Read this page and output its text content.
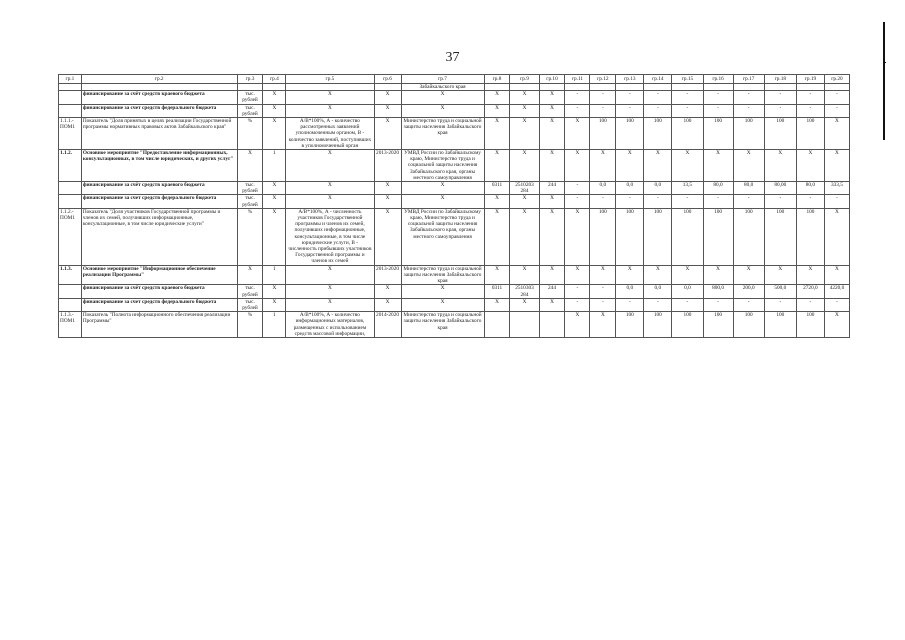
37
гр.1	гр.2	гр.3	гр.4	гр.5	гр.6	гр.7	гр.8	гр.9	гр.10	гр.11	гр.12	гр.13	гр.14	гр.15	гр.16	гр.17	гр.18	гр.19	гр.20
						Забайкальского края													
	финансирование за счёт средств краевого бюджета	тыс. рублей	Х	Х	Х	Х	Х	Х	Х	-	-	-	-	-	-	-	-	-	-
	финансирование за счет средств федерального бюджета	тыс. рублей	Х	Х	Х	Х	Х	Х	Х	-	-	-	-	-	-	-	-	-	-
1.1.1.-ПОМ1	Показатель "Доля принятых в целях реализации Государственной программы нормативных правовых актов Забайкальского края"	%	Х	А/В*100%, А - количество рассмотренных заявлений уполномоченным органом, В - количество заявлений, поступивших в уполномоченный орган	Х	Министерство труда и социальной защиты населения Забайкальского края	Х	Х	Х	Х	100	100	100	100	100	100	100	100	Х
1.1.2.	Основное мероприятие "Предоставление информационных, консультационных, в том числе юридических, и других услуг"	Х	1	Х	2013-2020	УМВД России по Забайкальскому краю, Министерство труда и социальной защиты населения Забайкальского края, органы местного самоуправления	Х	Х	Х	Х	Х	Х	Х	Х	Х	Х	Х	Х	Х
	финансирование за счёт средств краевого бюджета	тыс. рублей	Х	Х	Х	Х	0311	2510203 284	244	-	0,0	0,0	0,0	13,5	80,0	80,0	80,00	80,0	333,5
	финансирование за счет средств федерального бюджета	тыс. рублей	Х	Х	Х	Х	Х	Х	Х	-	-	-	-	-	-	-	-	-	-
1.1.2.-ПОМ1	Показатель "Доля участников Государственной программы и членов их семей, получивших информационные, консультационные, в том числе юридические услуги"	%	Х	А/В*100%, А - численность участников Государственной программы и членов их семей, получивших информационные, консультационные, в том числе юридические услуги, В - численность прибывших участников Государственной программы и членов их семей	Х	УМВД России по Забайкальскому краю, Министерство труда и социальной защиты населения Забайкальского края, органы местного самоуправления	Х	Х	Х	Х	100	100	100	100	100	100	100	100	Х
1.1.3.	Основное мероприятие "Информационное обеспечение реализации Программы"	Х	1	Х	2013-2020	Министерство труда и социальной защиты населения Забайкальского края	Х	Х	Х	Х	Х	Х	Х	Х	Х	Х	Х	Х	Х
	финансирование за счёт средств краевого бюджета	тыс. рублей	Х	Х	Х	Х	0311	2510303 284	244	-	-	0,0	0,0	0,0	800,0	200,0	500,0	2720,0	4220,0
	финансирование за счет средств федерального бюджета	тыс. рублей	Х	Х	Х	Х	Х	Х	Х	-	-	-	-	-	-	-	-	-	-
1.1.3.-ПОМ1	Показатель "Полнота информационного обеспечения реализации Программы"	%	1	А/В*100%, А - количество информационных материалов, размещенных с использованием средств массовой информации,	2014-2020	Министерство труда и социальной защиты населения Забайкальского края				Х	Х	100	100	100	100	100	100	100	Х
